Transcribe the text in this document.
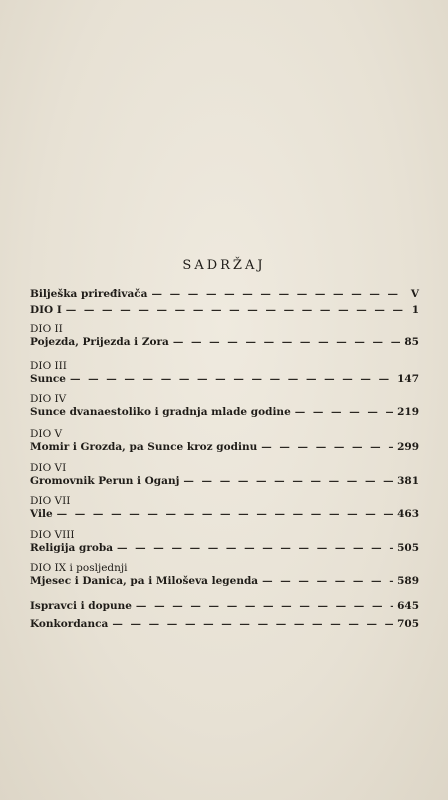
SADRŽAJ
Bilješka priređivača — — —	V
DIO I — — —	1
DIO II
Pojezda, Prijezda i Zora — — —	85
DIO III
Sunce — — —	147
DIO IV
Sunce dvanaestoliko i gradnja mlade godine — — —	219
DIO V
Momir i Grozda, pa Sunce kroz godinu — — —	299
DIO VI
Gromovnik Perun i Oganj — — —	381
DIO VII
Vile — — —	463
DIO VIII
Religija groba — — —	505
DIO IX i posljednji
Mjesec i Danica, pa i Miloševa legenda — — —	589
Ispravci i dopune — — —	645
Konkordanca — — —	705
